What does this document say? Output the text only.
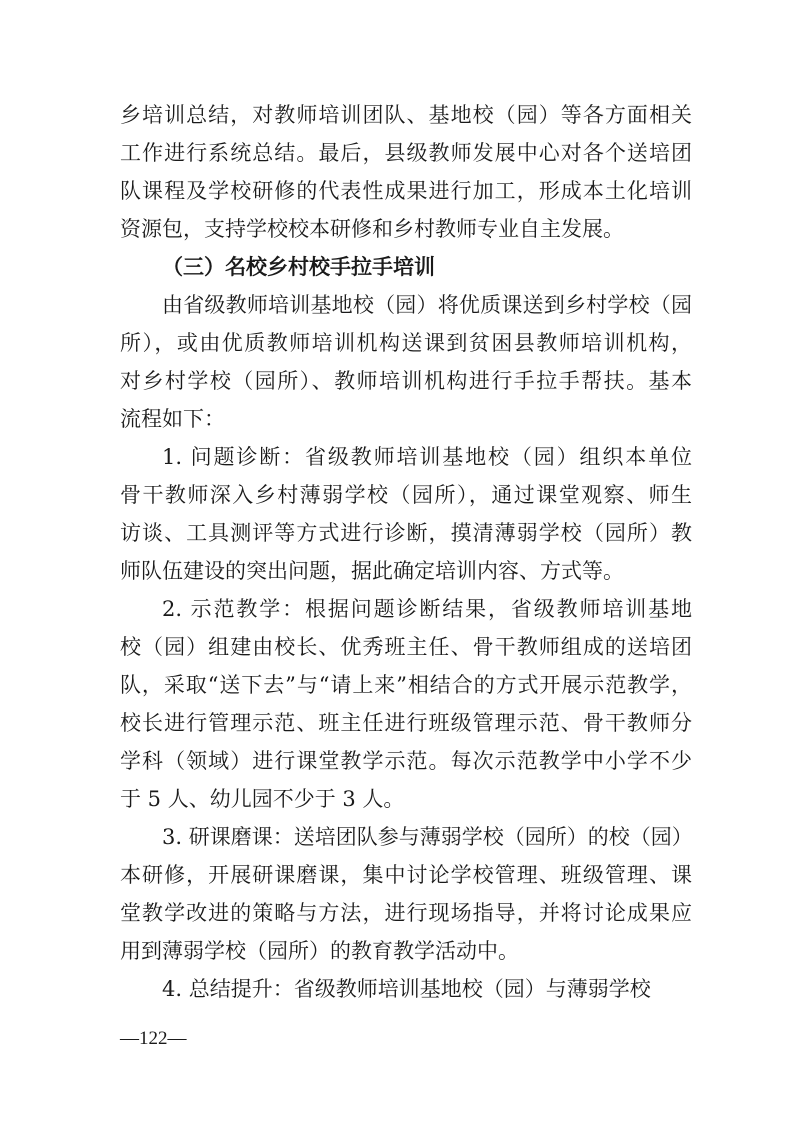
乡培训总结，对教师培训团队、基地校（园）等各方面相关
工作进行系统总结。最后，县级教师发展中心对各个送培团
队课程及学校研修的代表性成果进行加工，形成本土化培训
资源包，支持学校校本研修和乡村教师专业自主发展。
（三）名校乡村校手拉手培训
由省级教师培训基地校（园）将优质课送到乡村学校（园
所），或由优质教师培训机构送课到贫困县教师培训机构，
对乡村学校（园所）、教师培训机构进行手拉手帮扶。基本
流程如下：
1. 问题诊断：省级教师培训基地校（园）组织本单位
骨干教师深入乡村薄弱学校（园所），通过课堂观察、师生
访谈、工具测评等方式进行诊断，摸清薄弱学校（园所）教
师队伍建设的突出问题，据此确定培训内容、方式等。
2. 示范教学：根据问题诊断结果，省级教师培训基地
校（园）组建由校长、优秀班主任、骨干教师组成的送培团
队，采取“送下去”与“请上来”相结合的方式开展示范教学，
校长进行管理示范、班主任进行班级管理示范、骨干教师分
学科（领域）进行课堂教学示范。每次示范教学中小学不少
于 5 人、幼儿园不少于 3 人。
3. 研课磨课：送培团队参与薄弱学校（园所）的校（园）
本研修，开展研课磨课，集中讨论学校管理、班级管理、课
堂教学改进的策略与方法，进行现场指导，并将讨论成果应
用到薄弱学校（园所）的教育教学活动中。
4. 总结提升：省级教师培训基地校（园）与薄弱学校
—122—
